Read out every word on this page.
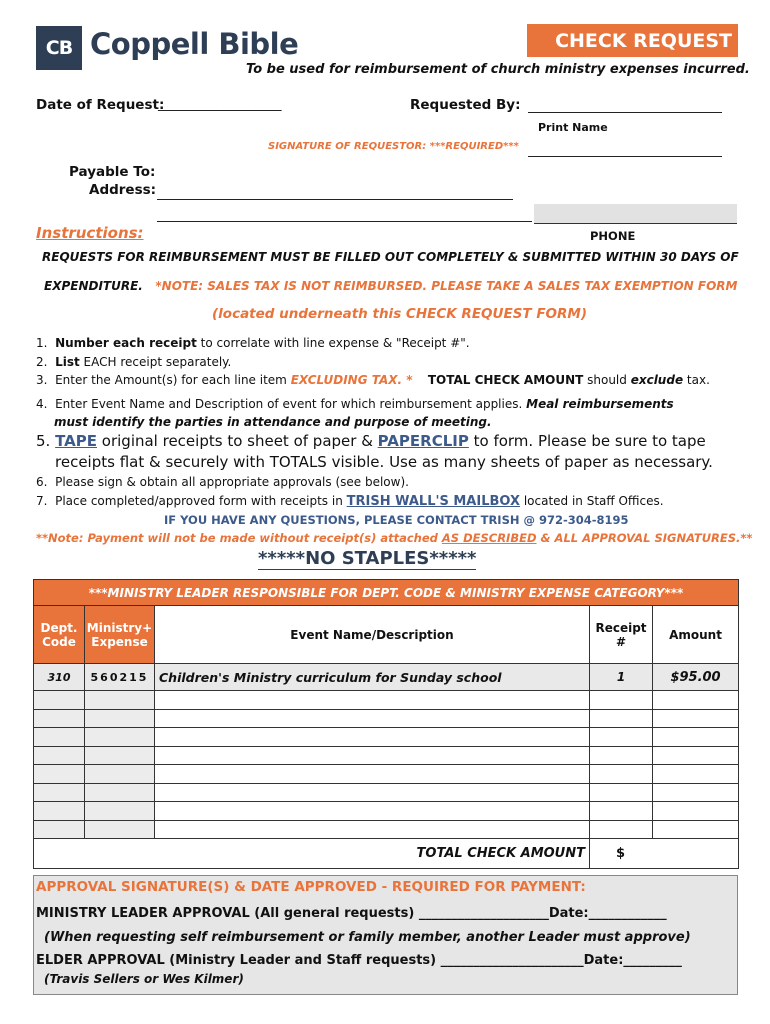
CB Coppell Bible	CHECK REQUEST
To be used for reimbursement of church ministry expenses incurred.
Date of Request:
___________________	Requested By:
Print Name
SIGNATURE OF REQUESTOR: ***REQUIRED***
Payable To:
Address:
PHONE
Instructions:
REQUESTS FOR REIMBURSEMENT MUST BE FILLED OUT COMPLETELY & SUBMITTED WITHIN 30 DAYS OF
EXPENDITURE. *NOTE: SALES TAX IS NOT REIMBURSED. PLEASE TAKE A SALES TAX EXEMPTION FORM
(located underneath this CHECK REQUEST FORM)
1. Number each receipt to correlate with line expense & "Receipt #".
2. List EACH receipt separately.
3. Enter the Amount(s) for each line item EXCLUDING TAX. * TOTAL CHECK AMOUNT should exclude tax.
4. Enter Event Name and Description of event for which reimbursement applies. Meal reimbursements
must identify the parties in attendance and purpose of meeting.
5. TAPE original receipts to sheet of paper & PAPERCLIP to form. Please be sure to tape
receipts flat & securely with TOTALS visible. Use as many sheets of paper as necessary.
6. Please sign & obtain all appropriate approvals (see below).
7. Place completed/approved form with receipts in TRISH WALL'S MAILBOX located in Staff Offices.
IF YOU HAVE ANY QUESTIONS, PLEASE CONTACT TRISH @ 972-304-8195
**Note: Payment will not be made without receipt(s) attached AS DESCRIBED & ALL APPROVAL SIGNATURES.**
*****NO STAPLES*****
***MINISTRY LEADER RESPONSIBLE FOR DEPT. CODE & MINISTRY EXPENSE CATEGORY***				
Dept. Code	Ministry+ Expense	Event Name/Description	Receipt #	Amount
310	560215	Children's Ministry curriculum for Sunday school	1	$95.00

TOTAL CHECK AMOUNT			$	
APPROVAL SIGNATURE(S) & DATE APPROVED - REQUIRED FOR PAYMENT:
MINISTRY LEADER APPROVAL (All general requests) ____________________Date:____________
(When requesting self reimbursement or family member, another Leader must approve)
ELDER APPROVAL (Ministry Leader and Staff requests) ______________________Date:_________
(Travis Sellers or Wes Kilmer)
